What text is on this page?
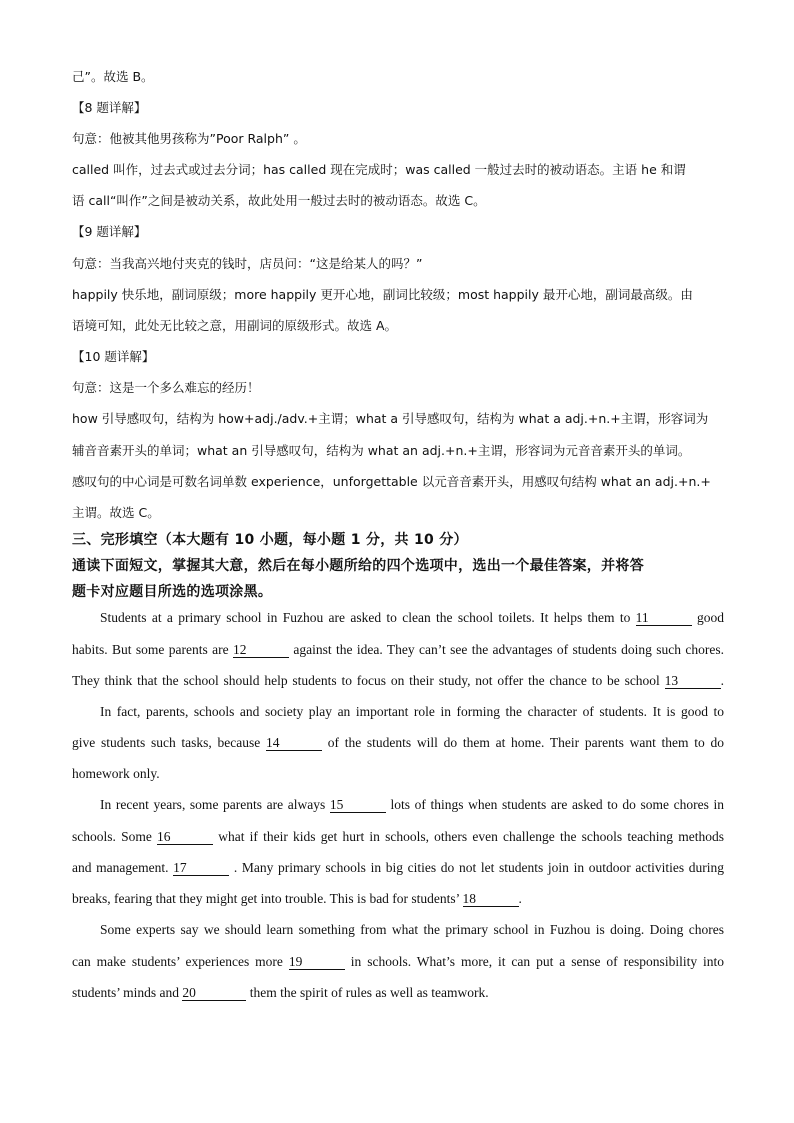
己”。故选 B。
【8 题详解】
句意：他被其他男孩称为”Poor Ralph” 。
called 叫作，过去式或过去分词；has called 现在完成时；was called 一般过去时的被动语态。主语 he 和谓
语 call“叫作”之间是被动关系，故此处用一般过去时的被动语态。故选 C。
【9 题详解】
句意：当我高兴地付夹克的钱时，店员问：“这是给某人的吗？”
happily 快乐地，副词原级；more happily 更开心地，副词比较级；most happily 最开心地，副词最高级。由
语境可知，此处无比较之意，用副词的原级形式。故选 A。
【10 题详解】
句意：这是一个多么难忘的经历！
how 引导感叹句，结构为 how+adj./adv.+主谓；what a 引导感叹句，结构为 what a adj.+n.+主谓，形容词为
辅音音素开头的单词；what an 引导感叹句，结构为 what an adj.+n.+主谓，形容词为元音音素开头的单词。
感叹句的中心词是可数名词单数 experience，unforgettable 以元音音素开头，用感叹句结构 what an adj.+n.+
主谓。故选 C。
三、完形填空（本大题有 10 小题，每小题 1 分，共 10 分）
通读下面短文，掌握其大意，然后在每小题所给的四个选项中，选出一个最佳答案，并将答
题卡对应题目所选的选项涂黑。
Students at a primary school in Fuzhou are asked to clean the school toilets. It helps them to 11	good
habits. But some parents are 12	against the idea. They can’t see the advantages of students doing such chores.
They think that the school should help students to focus on their study, not offer the chance to be school 13	.
In fact, parents, schools and society play an important role in forming the character of students. It is good to
give students such tasks, because 14	of the students will do them at home. Their parents want them to do
homework only.
In recent years, some parents are always 15	lots of things when students are asked to do some chores in
schools. Some 16	what if their kids get hurt in schools, others even challenge the schools teaching methods
and management. 17	. Many primary schools in big cities do not let students join in outdoor activities during
breaks, fearing that they might get into trouble. This is bad for students’ 18	.
Some experts say we should learn something from what the primary school in Fuzhou is doing. Doing chores
can make students’ experiences more 19	in schools. What’s more, it can put a sense of responsibility into
students’ minds and 20	them the spirit of rules as well as teamwork.
